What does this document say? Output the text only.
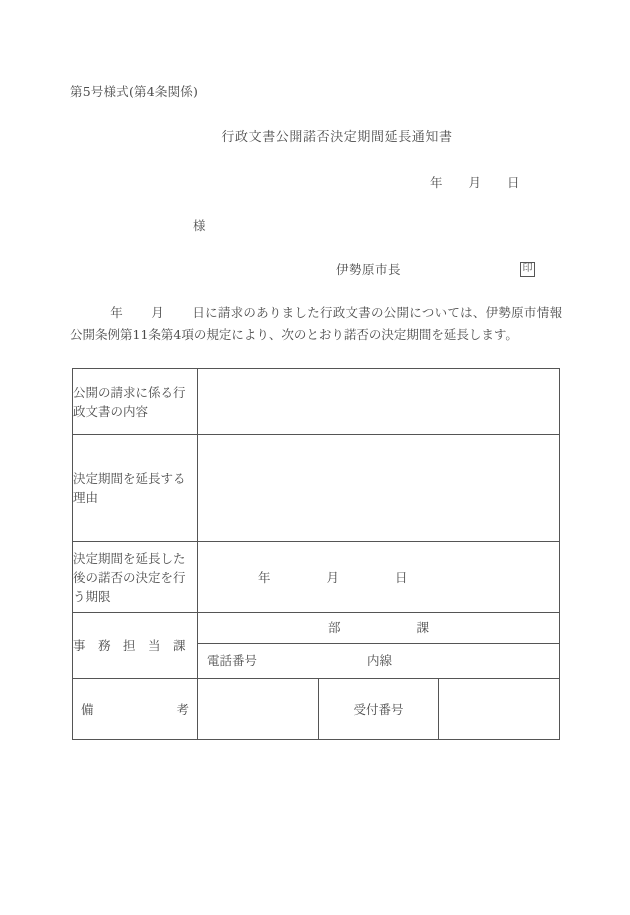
第5号様式(第4条関係)
行政文書公開諾否決定期間延長通知書
年 月 日
様
伊勢原市長	印
年 月 日に請求のありました行政文書の公開については、伊勢原市情報公開条例第11条第4項の規定により、次のとおり諾否の決定期間を延長します。
公開の請求に係る行政文書の内容	
決定期間を延長する理由	
決定期間を延長した後の諾否の決定を行う期限	
年	月	日

事　務　担　当　課	
部	課

電話番号	内線

備	考		受付番号	
